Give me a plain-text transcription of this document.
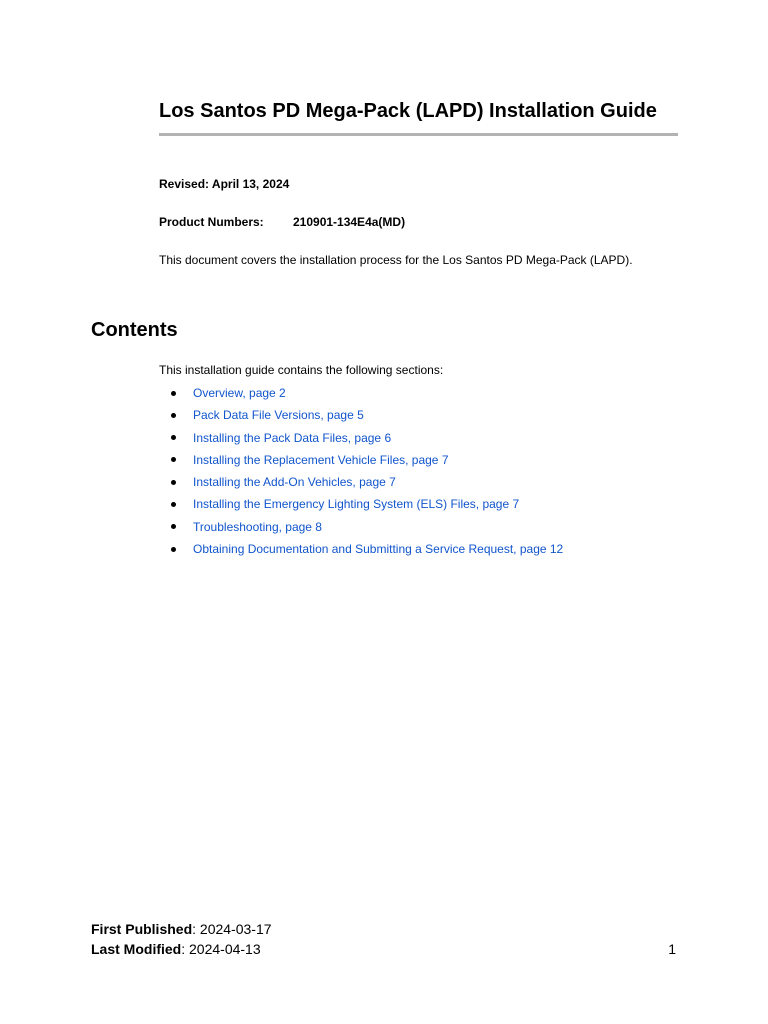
Los Santos PD Mega-Pack (LAPD) Installation Guide

Revised: April 13, 2024

Product Numbers: 210901-134E4a(MD)

This document covers the installation process for the Los Santos PD Mega-Pack (LAPD).

Contents

This installation guide contains the following sections:

Overview, page 2
Pack Data File Versions, page 5
Installing the Pack Data Files, page 6
Installing the Replacement Vehicle Files, page 7
Installing the Add-On Vehicles, page 7
Installing the Emergency Lighting System (ELS) Files, page 7
Troubleshooting, page 8
Obtaining Documentation and Submitting a Service Request, page 12

First Published: 2024-03-17

Last Modified: 2024-04-13	1
